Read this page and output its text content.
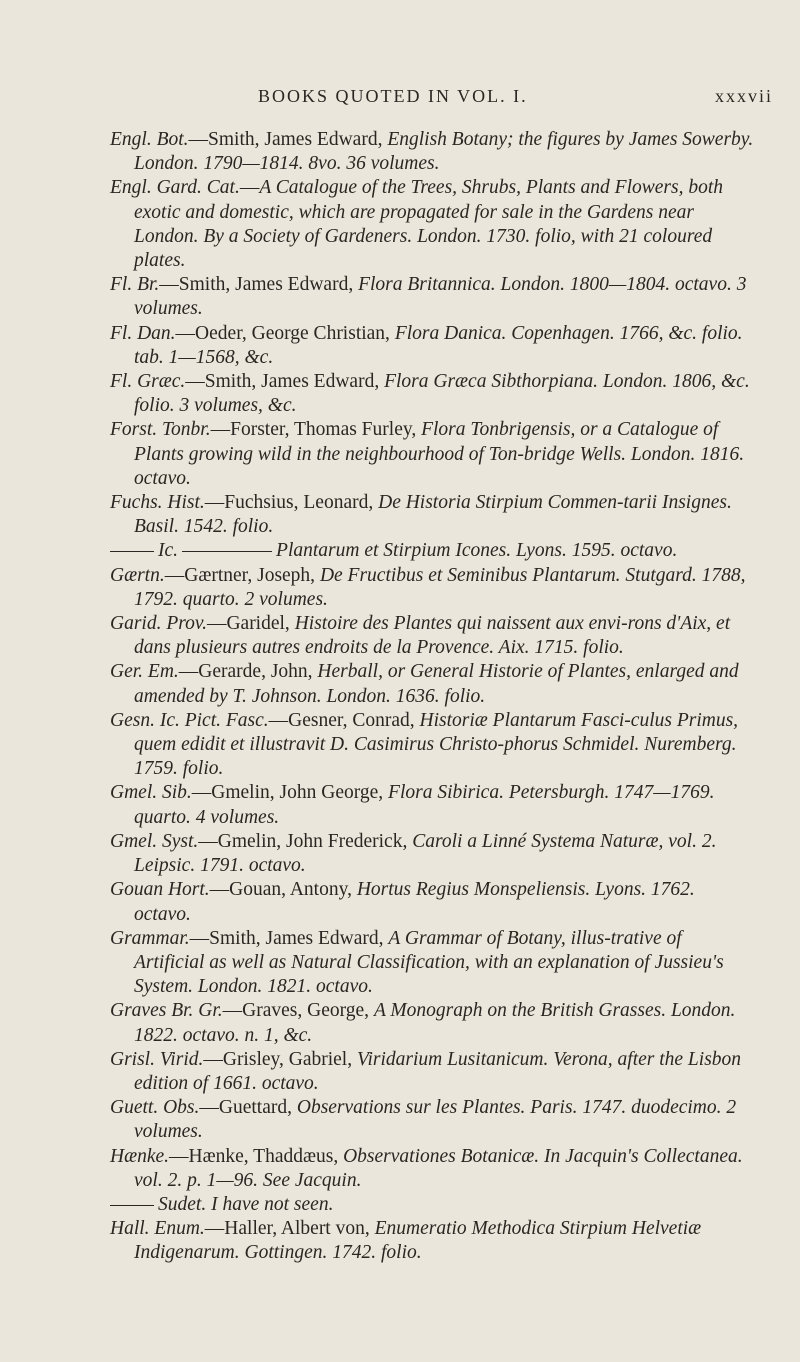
BOOKS QUOTED IN VOL. I.	xxxvii

Engl. Bot.—Smith, James Edward, English Botany; the figures by James Sowerby. London. 1790—1814. 8vo. 36 volumes.

Engl. Gard. Cat.—A Catalogue of the Trees, Shrubs, Plants and Flowers, both exotic and domestic, which are propagated for sale in the Gardens near London. By a Society of Gardeners. London. 1730. folio, with 21 coloured plates.

Fl. Br.—Smith, James Edward, Flora Britannica. London. 1800—1804. octavo. 3 volumes.

Fl. Dan.—Oeder, George Christian, Flora Danica. Copenhagen. 1766, &c. folio. tab. 1—1568, &c.

Fl. Græc.—Smith, James Edward, Flora Græca Sibthorpiana. London. 1806, &c. folio. 3 volumes, &c.

Forst. Tonbr.—Forster, Thomas Furley, Flora Tonbrigensis, or a Catalogue of Plants growing wild in the neighbourhood of Ton-bridge Wells. London. 1816. octavo.

Fuchs. Hist.—Fuchsius, Leonard, De Historia Stirpium Commen-tarii Insignes. Basil. 1542. folio.

Ic.	Plantarum et Stirpium Icones. Lyons. 1595. octavo.

Gærtn.—Gærtner, Joseph, De Fructibus et Seminibus Plantarum. Stutgard. 1788, 1792. quarto. 2 volumes.

Garid. Prov.—Garidel, Histoire des Plantes qui naissent aux envi-rons d'Aix, et dans plusieurs autres endroits de la Provence. Aix. 1715. folio.

Ger. Em.—Gerarde, John, Herball, or General Historie of Plantes, enlarged and amended by T. Johnson. London. 1636. folio.

Gesn. Ic. Pict. Fasc.—Gesner, Conrad, Historiæ Plantarum Fasci-culus Primus, quem edidit et illustravit D. Casimirus Christo-phorus Schmidel. Nuremberg. 1759. folio.

Gmel. Sib.—Gmelin, John George, Flora Sibirica. Petersburgh. 1747—1769. quarto. 4 volumes.

Gmel. Syst.—Gmelin, John Frederick, Caroli a Linné Systema Naturæ, vol. 2. Leipsic. 1791. octavo.

Gouan Hort.—Gouan, Antony, Hortus Regius Monspeliensis. Lyons. 1762. octavo.

Grammar.—Smith, James Edward, A Grammar of Botany, illus-trative of Artificial as well as Natural Classification, with an explanation of Jussieu's System. London. 1821. octavo.

Graves Br. Gr.—Graves, George, A Monograph on the British Grasses. London. 1822. octavo. n. 1, &c.

Grisl. Virid.—Grisley, Gabriel, Viridarium Lusitanicum. Verona, after the Lisbon edition of 1661. octavo.

Guett. Obs.—Guettard, Observations sur les Plantes. Paris. 1747. duodecimo. 2 volumes.

Hænke.—Hænke, Thaddæus, Observationes Botanicæ. In Jacquin's Collectanea. vol. 2. p. 1—96. See Jacquin.

Sudet. I have not seen.

Hall. Enum.—Haller, Albert von, Enumeratio Methodica Stirpium Helvetiæ Indigenarum. Gottingen. 1742. folio.
